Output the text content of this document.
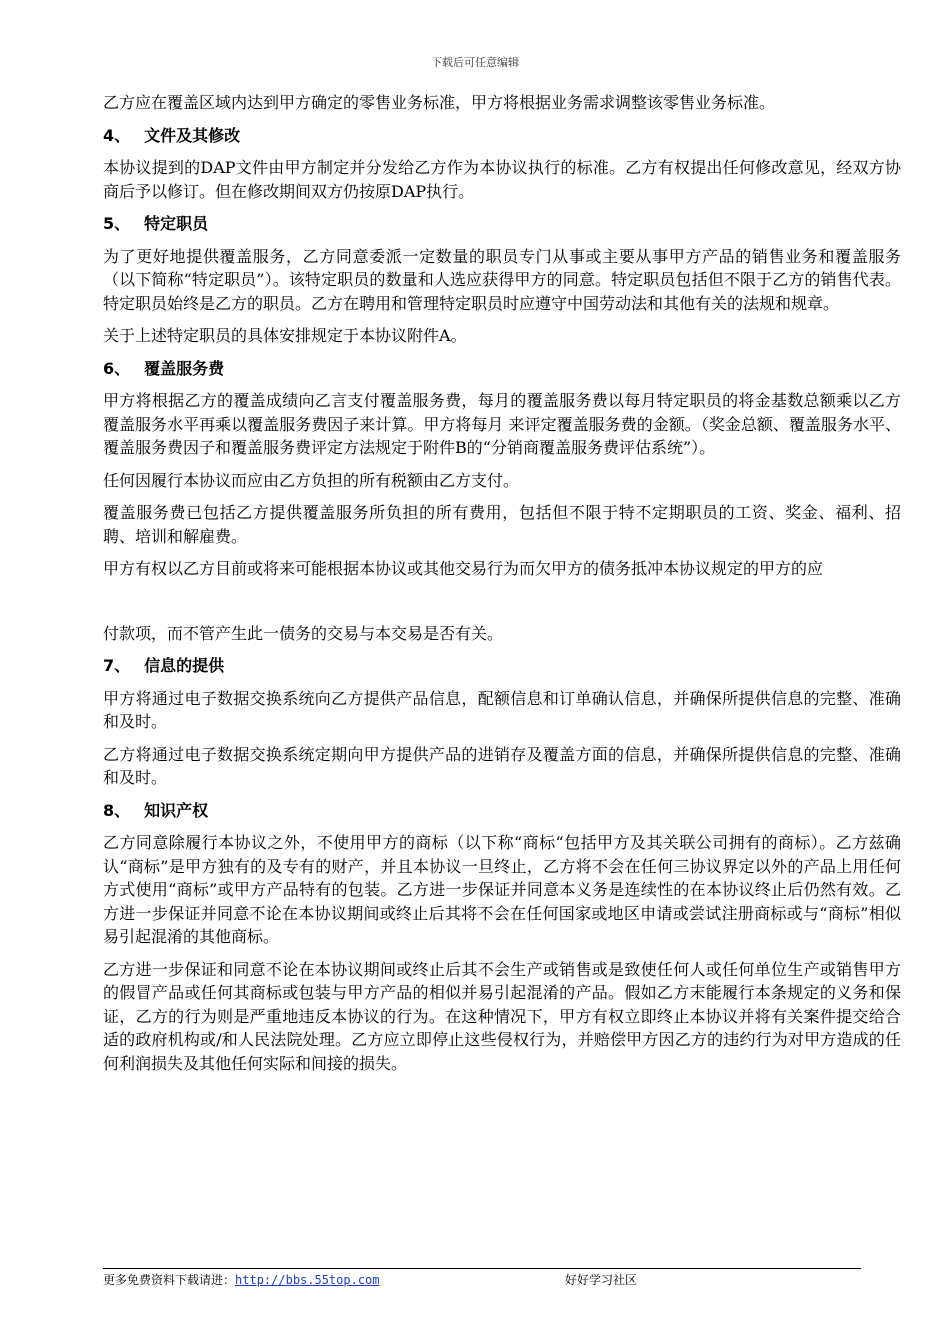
下载后可任意编辑

乙方应在覆盖区域内达到甲方确定的零售业务标准，甲方将根据业务需求调整该零售业务标准。

4、 文件及其修改

本协议提到的DAP文件由甲方制定并分发给乙方作为本协议执行的标准。乙方有权提出任何修改意见，经双方协商后予以修订。但在修改期间双方仍按原DAP执行。

5、 特定职员

为了更好地提供覆盖服务，乙方同意委派一定数量的职员专门从事或主要从事甲方产品的销售业务和覆盖服务（以下简称“特定职员”）。该特定职员的数量和人选应获得甲方的同意。特定职员包括但不限于乙方的销售代表。特定职员始终是乙方的职员。乙方在聘用和管理特定职员时应遵守中国劳动法和其他有关的法规和规章。

关于上述特定职员的具体安排规定于本协议附件A。

6、 覆盖服务费

甲方将根据乙方的覆盖成绩向乙言支付覆盖服务费，每月的覆盖服务费以每月特定职员的将金基数总额乘以乙方覆盖服务水平再乘以覆盖服务费因子来计算。甲方将每月 来评定覆盖服务费的金额。（奖金总额、覆盖服务水平、覆盖服务费因子和覆盖服务费评定方法规定于附件B的“分销商覆盖服务费评估系统”）。

任何因履行本协议而应由乙方负担的所有税额由乙方支付。

覆盖服务费已包括乙方提供覆盖服务所负担的所有费用，包括但不限于特不定期职员的工资、奖金、福利、招聘、培训和解雇费。

甲方有权以乙方目前或将来可能根据本协议或其他交易行为而欠甲方的债务抵冲本协议规定的甲方的应

付款项，而不管产生此一债务的交易与本交易是否有关。

7、 信息的提供

甲方将通过电子数据交换系统向乙方提供产品信息，配额信息和订单确认信息，并确保所提供信息的完整、准确和及时。

乙方将通过电子数据交换系统定期向甲方提供产品的进销存及覆盖方面的信息，并确保所提供信息的完整、准确和及时。

8、 知识产权

乙方同意除履行本协议之外，不使用甲方的商标（以下称“商标“包括甲方及其关联公司拥有的商标）。乙方兹确认“商标”是甲方独有的及专有的财产，并且本协议一旦终止，乙方将不会在任何三协议界定以外的产品上用任何方式使用“商标”或甲方产品特有的包装。乙方进一步保证并同意本义务是连续性的在本协议终止后仍然有效。乙方进一步保证并同意不论在本协议期间或终止后其将不会在任何国家或地区申请或尝试注册商标或与“商标”相似易引起混淆的其他商标。

乙方进一步保证和同意不论在本协议期间或终止后其不会生产或销售或是致使任何人或任何单位生产或销售甲方的假冒产品或任何其商标或包装与甲方产品的相似并易引起混淆的产品。假如乙方末能履行本条规定的义务和保证，乙方的行为则是严重地违反本协议的行为。在这种情况下，甲方有权立即终止本协议并将有关案件提交给合适的政府机构或/和人民法院处理。乙方应立即停止这些侵权行为，并赔偿甲方因乙方的违约行为对甲方造成的任何利润损失及其他任何实际和间接的损失。

更多免费资料下载请进：http://bbs.55top.com	好好学习社区
